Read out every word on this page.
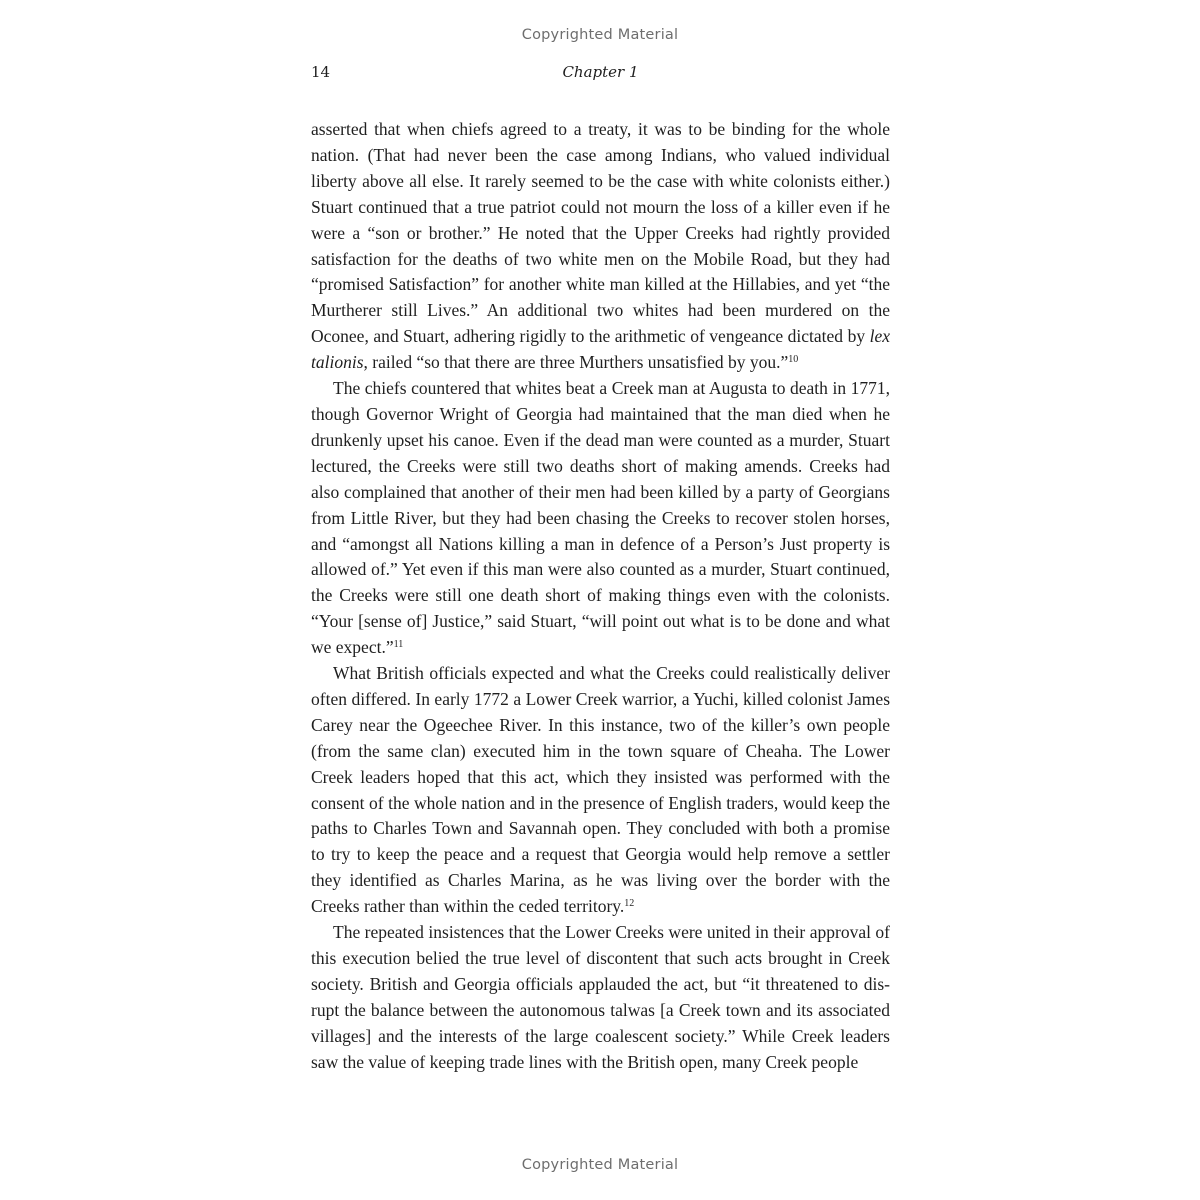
Copyrighted Material
14	Chapter 1

asserted that when chiefs agreed to a treaty, it was to be binding for the whole nation. (That had never been the case among Indians, who valued individual liberty above all else. It rarely seemed to be the case with white colonists either.) Stuart continued that a true patriot could not mourn the loss of a killer even if he were a “son or brother.” He noted that the Upper Creeks had rightly provided satisfaction for the deaths of two white men on the Mobile Road, but they had “promised Satisfaction” for another white man killed at the Hillabies, and yet “the Murtherer still Lives.” An additional two whites had been murdered on the Oconee, and Stuart, adhering rigidly to the arithmetic of vengeance dictated by lex talionis, railed “so that there are three Murthers unsatisfied by you.”$^{10}$

The chiefs countered that whites beat a Creek man at Augusta to death in 1771, though Governor Wright of Georgia had maintained that the man died when he drunkenly upset his canoe. Even if the dead man were counted as a murder, Stuart lectured, the Creeks were still two deaths short of making amends. Creeks had also complained that another of their men had been killed by a party of Georgians from Little River, but they had been chasing the Creeks to recover stolen horses, and “amongst all Nations killing a man in defence of a Person’s Just property is allowed of.” Yet even if this man were also counted as a murder, Stuart continued, the Creeks were still one death short of making things even with the colonists. “Your [sense of] Justice,” said Stuart, “will point out what is to be done and what we expect.”$^{11}$

What British officials expected and what the Creeks could realistically deliver often differed. In early 1772 a Lower Creek warrior, a Yuchi, killed colonist James Carey near the Ogeechee River. In this instance, two of the killer’s own people (from the same clan) executed him in the town square of Cheaha. The Lower Creek leaders hoped that this act, which they insisted was performed with the consent of the whole nation and in the presence of English traders, would keep the paths to Charles Town and Savannah open. They concluded with both a promise to try to keep the peace and a request that Georgia would help remove a settler they identified as Charles Marina, as he was living over the border with the Creeks rather than within the ceded territory.$^{12}$

The repeated insistences that the Lower Creeks were united in their approval of this execution belied the true level of discontent that such acts brought in Creek society. British and Georgia officials applauded the act, but “it threatened to disrupt the balance between the autonomous talwas [a Creek town and its associated villages] and the interests of the large coalescent society.” While Creek leaders saw the value of keeping trade lines with the British open, many Creek people

Copyrighted Material
